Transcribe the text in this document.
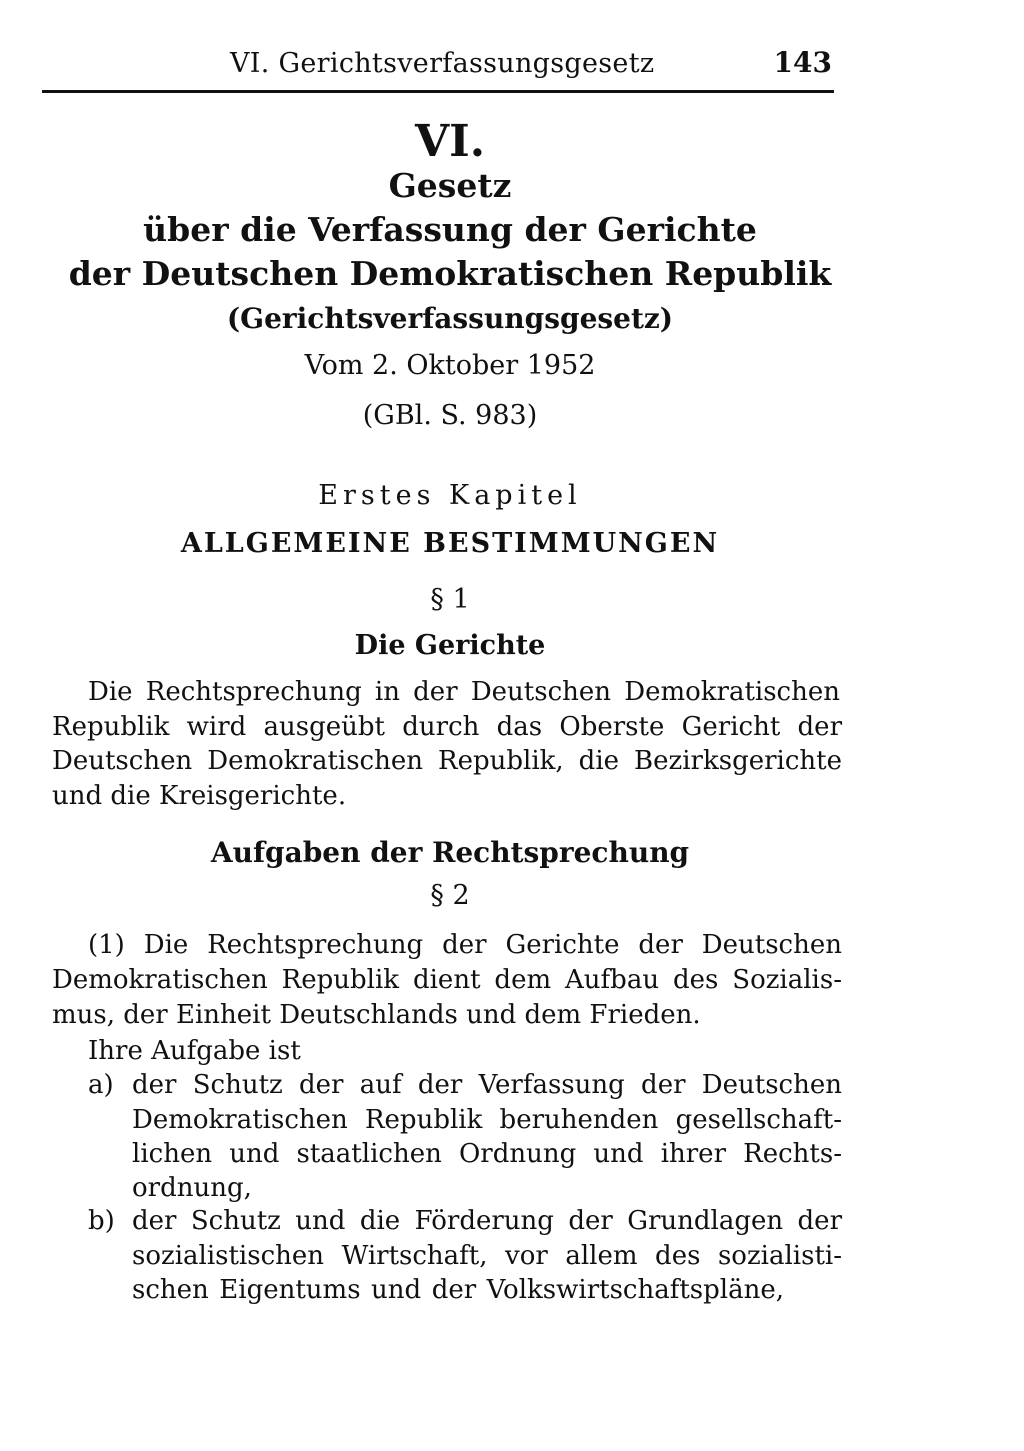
VI. Gerichtsverfassungsgesetz	143
VI.
Gesetz
über die Verfassung der Gerichte
der Deutschen Demokratischen Republik
(Gerichtsverfassungsgesetz)
Vom 2. Oktober 1952
(GBl. S. 983)
Erstes Kapitel
ALLGEMEINE BESTIMMUNGEN
§ 1
Die Gerichte
Die Rechtsprechung in der Deutschen Demokratischen
Republik wird ausgeübt durch das Oberste Gericht der
Deutschen Demokratischen Republik, die Bezirksgerichte
und die Kreisgerichte.
Aufgaben der Rechtsprechung
§ 2
(1) Die Rechtsprechung der Gerichte der Deutschen
Demokratischen Republik dient dem Aufbau des Sozialis-
mus, der Einheit Deutschlands und dem Frieden.
Ihre Aufgabe ist
a) der Schutz der auf der Verfassung der Deutschen
Demokratischen Republik beruhenden gesellschaft-
lichen und staatlichen Ordnung und ihrer Rechts-
ordnung,
b) der Schutz und die Förderung der Grundlagen der
sozialistischen Wirtschaft, vor allem des sozialisti-
schen Eigentums und der Volkswirtschaftspläne,
